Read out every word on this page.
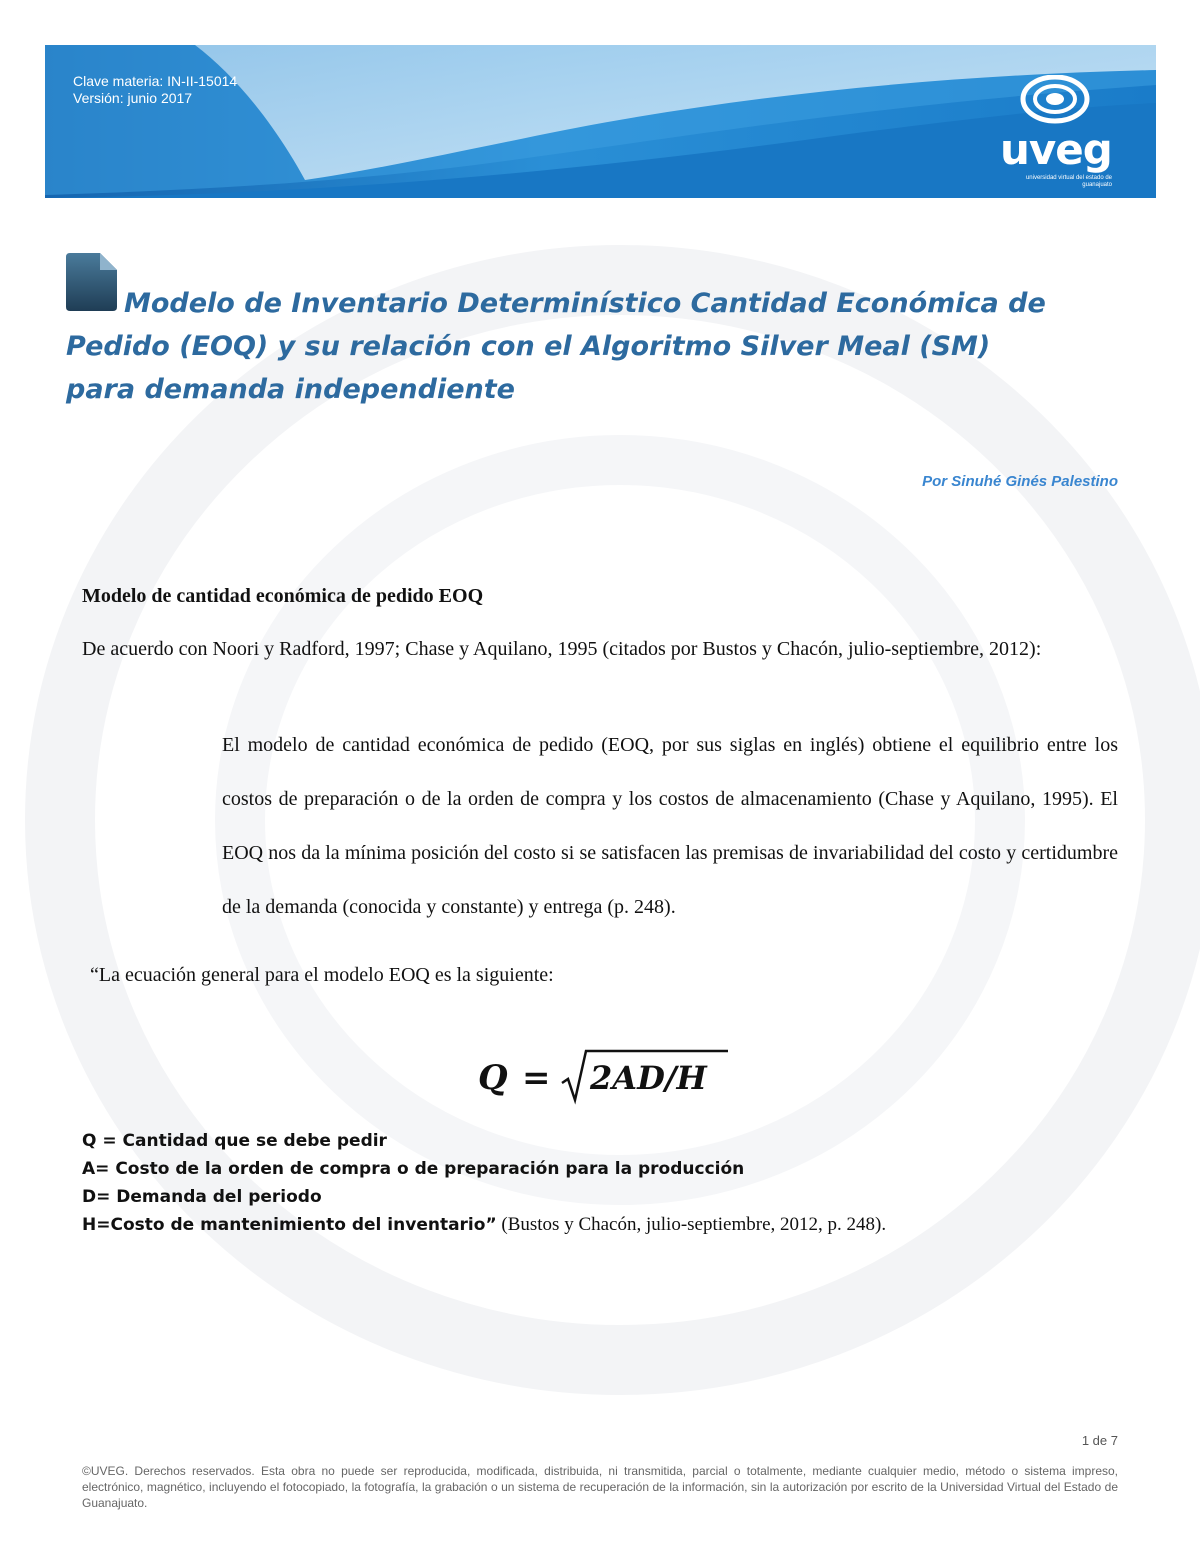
Clave materia: IN-II-15014
Versión: junio 2017
uveg
universidad virtual del estado de guanajuato
Modelo de Inventario Determinístico Cantidad Económica de Pedido (EOQ) y su relación con el Algoritmo Silver Meal (SM) para demanda independiente
Por Sinuhé Ginés Palestino
Modelo de cantidad económica de pedido EOQ

De acuerdo con Noori y Radford, 1997; Chase y Aquilano, 1995 (citados por Bustos y Chacón, julio-septiembre, 2012):

El modelo de cantidad económica de pedido (EOQ, por sus siglas en inglés) obtiene el equilibrio entre los costos de preparación o de la orden de compra y los costos de almacenamiento (Chase y Aquilano, 1995). El EOQ nos da la mínima posición del costo si se satisfacen las premisas de invariabilidad del costo y certidumbre de la demanda (conocida y constante) y entrega (p. 248).

“La ecuación general para el modelo EOQ es la siguiente:
Q = 2AD/H
Q = Cantidad que se debe pedir
A= Costo de la orden de compra o de preparación para la producción
D= Demanda del periodo
H=Costo de mantenimiento del inventario” (Bustos y Chacón, julio-septiembre, 2012, p. 248).
1 de 7

©UVEG. Derechos reservados. Esta obra no puede ser reproducida, modificada, distribuida, ni transmitida, parcial o totalmente, mediante cualquier medio, método o sistema impreso, electrónico, magnético, incluyendo el fotocopiado, la fotografía, la grabación o un sistema de recuperación de la información, sin la autorización por escrito de la Universidad Virtual del Estado de Guanajuato.
